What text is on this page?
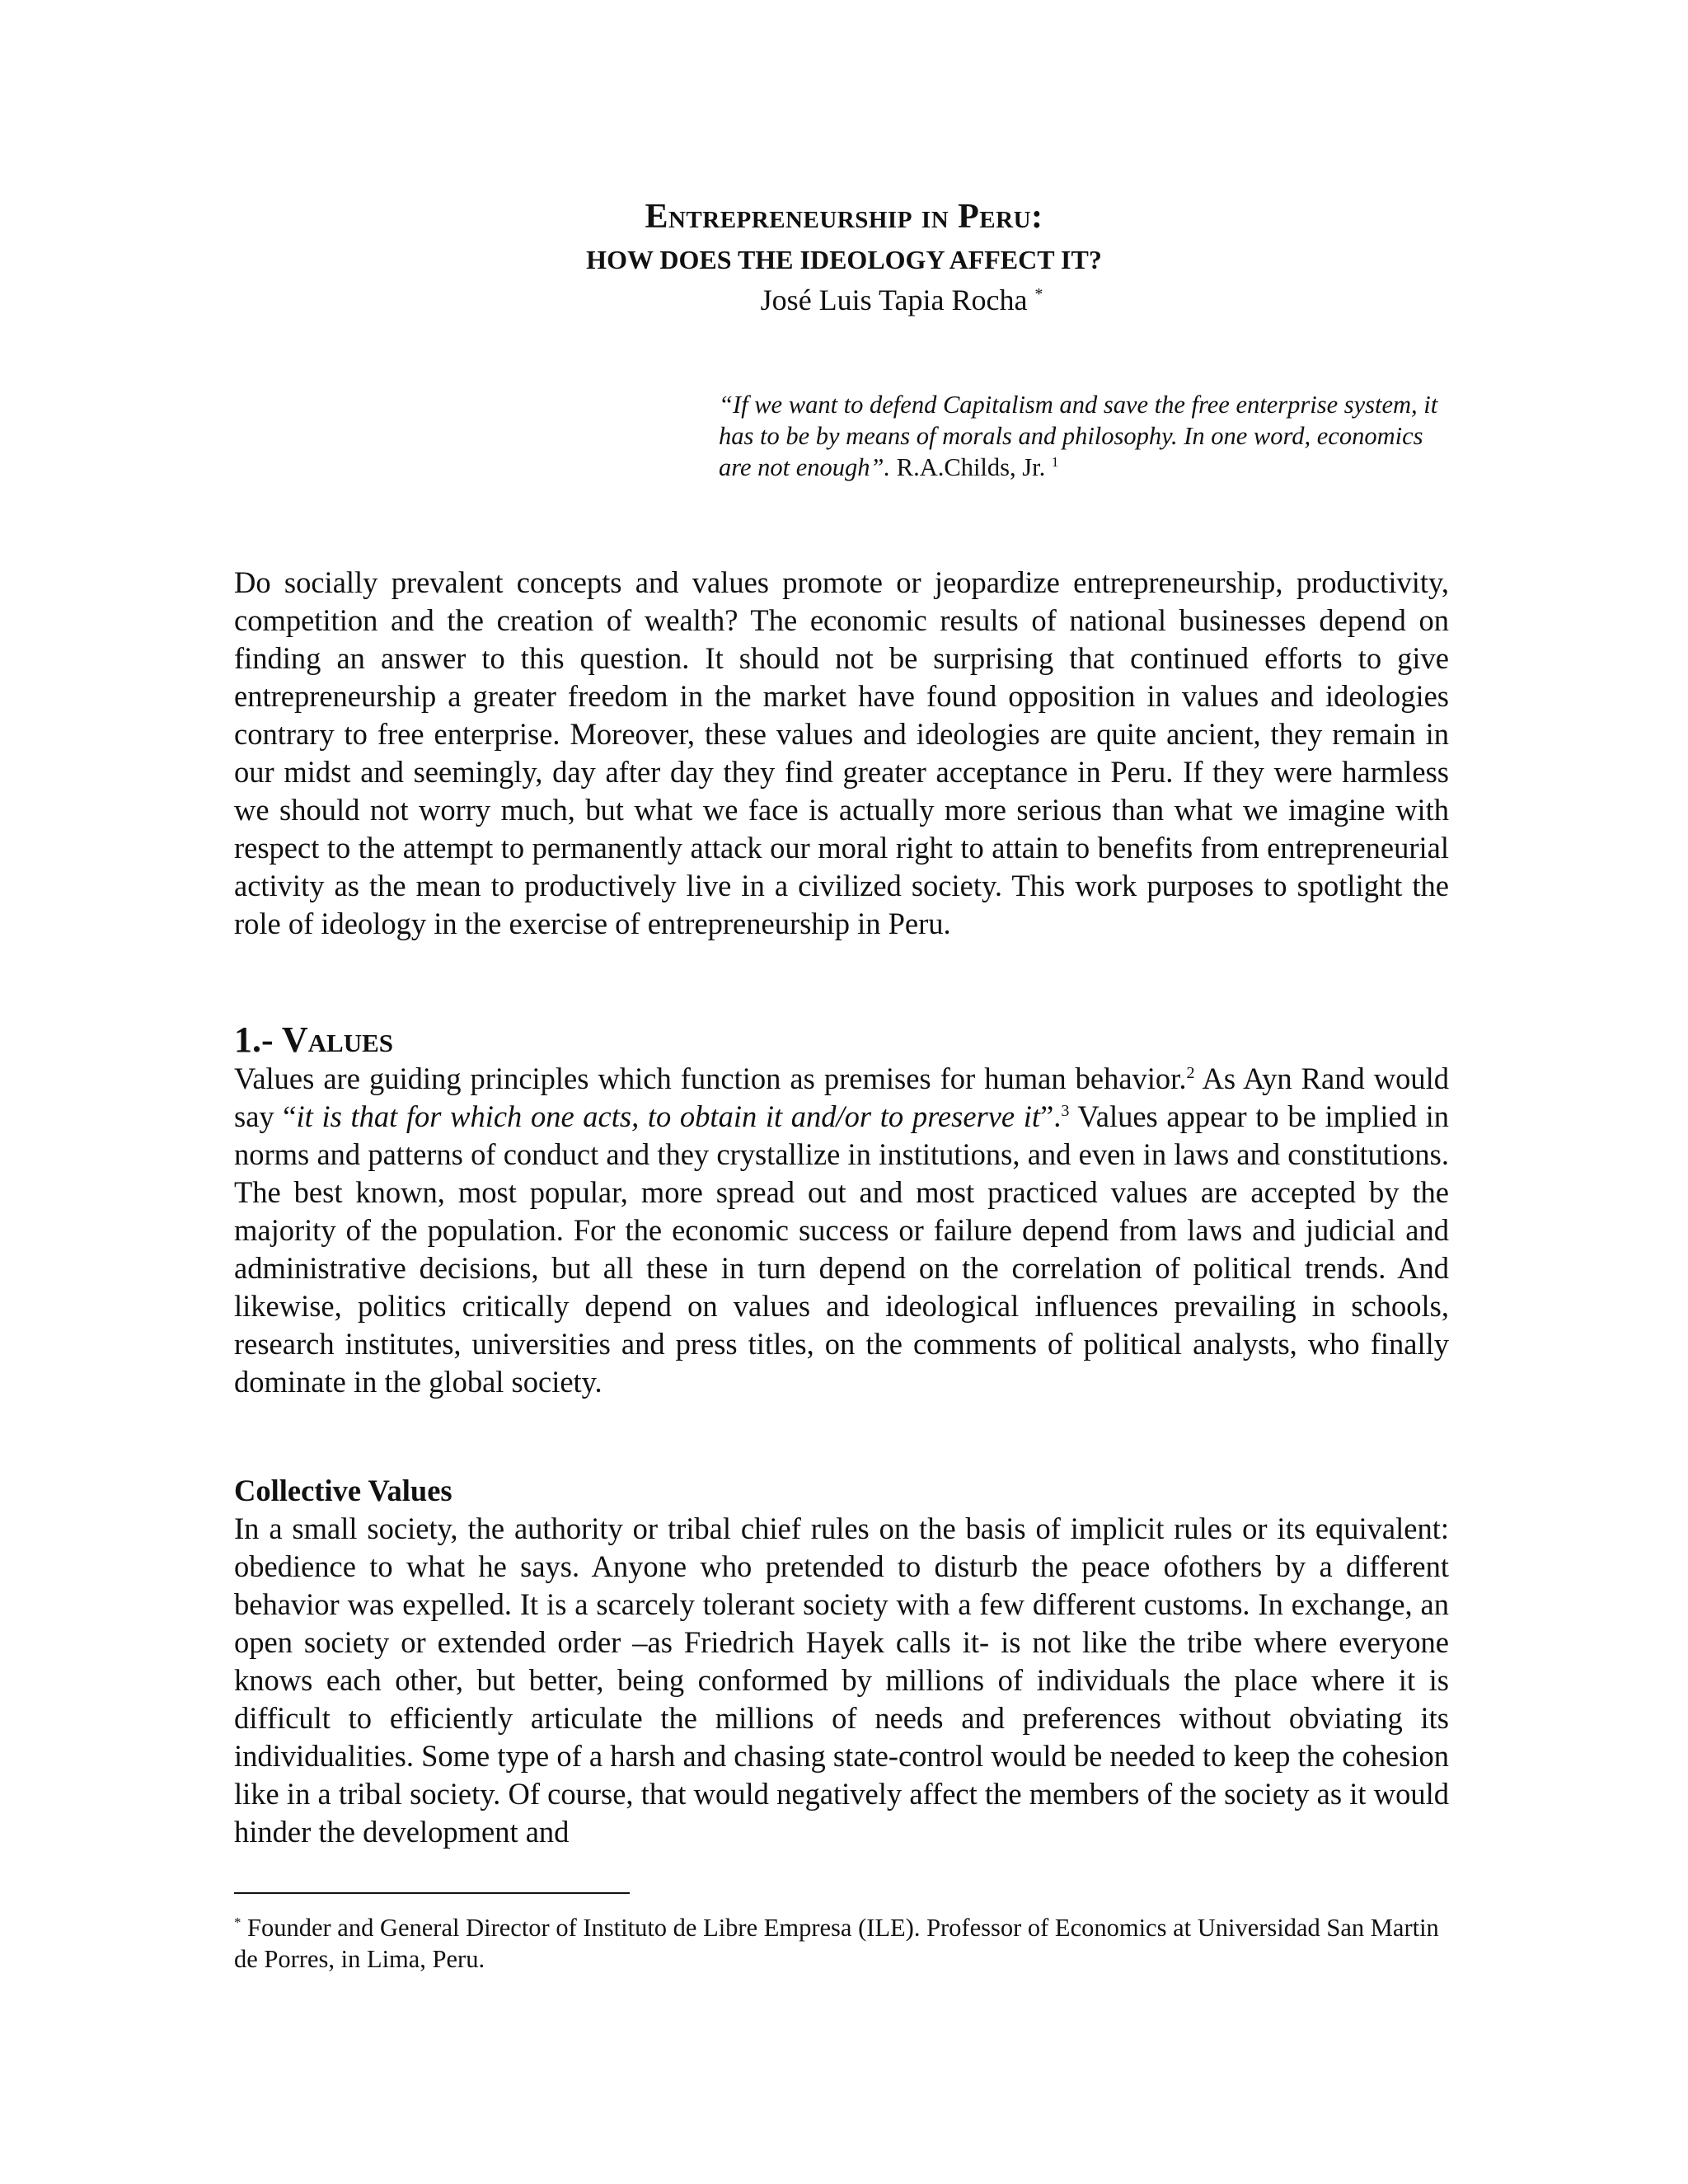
Entrepreneurship in Peru:
HOW DOES THE IDEOLOGY AFFECT IT?
José Luis Tapia Rocha *
“If we want to defend Capitalism and save the free enterprise system, it has to be by means of morals and philosophy. In one word, economics are not enough”. R.A.Childs, Jr. $^1$
Do socially prevalent concepts and values promote or jeopardize entrepreneurship, productivity, competition and the creation of wealth? The economic results of national businesses depend on finding an answer to this question. It should not be surprising that continued efforts to give entrepreneurship a greater freedom in the market have found opposition in values and ideologies contrary to free enterprise. Moreover, these values and ideologies are quite ancient, they remain in our midst and seemingly, day after day they find greater acceptance in Peru. If they were harmless we should not worry much, but what we face is actually more serious than what we imagine with respect to the attempt to permanently attack our moral right to attain to benefits from entrepreneurial activity as the mean to productively live in a civilized society. This work purposes to spotlight the role of ideology in the exercise of entrepreneurship in Peru.
1.- Values
Values are guiding principles which function as premises for human behavior.$^2$ As Ayn Rand would say “it is that for which one acts, to obtain it and/or to preserve it”.$^3$ Values appear to be implied in norms and patterns of conduct and they crystallize in institutions, and even in laws and constitutions. The best known, most popular, more spread out and most practiced values are accepted by the majority of the population. For the economic success or failure depend from laws and judicial and administrative decisions, but all these in turn depend on the correlation of political trends. And likewise, politics critically depend on values and ideological influences prevailing in schools, research institutes, universities and press titles, on the comments of political analysts, who finally dominate in the global society.
Collective Values
In a small society, the authority or tribal chief rules on the basis of implicit rules or its equivalent: obedience to what he says. Anyone who pretended to disturb the peace ofothers by a different behavior was expelled. It is a scarcely tolerant society with a few different customs. In exchange, an open society or extended order –as Friedrich Hayek calls it- is not like the tribe where everyone knows each other, but better, being conformed by millions of individuals the place where it is difficult to efficiently articulate the millions of needs and preferences without obviating its individualities. Some type of a harsh and chasing state-control would be needed to keep the cohesion like in a tribal society. Of course, that would negatively affect the members of the society as it would hinder the development and
* Founder and General Director of Instituto de Libre Empresa (ILE). Professor of Economics at Universidad San Martin de Porres, in Lima, Peru.
